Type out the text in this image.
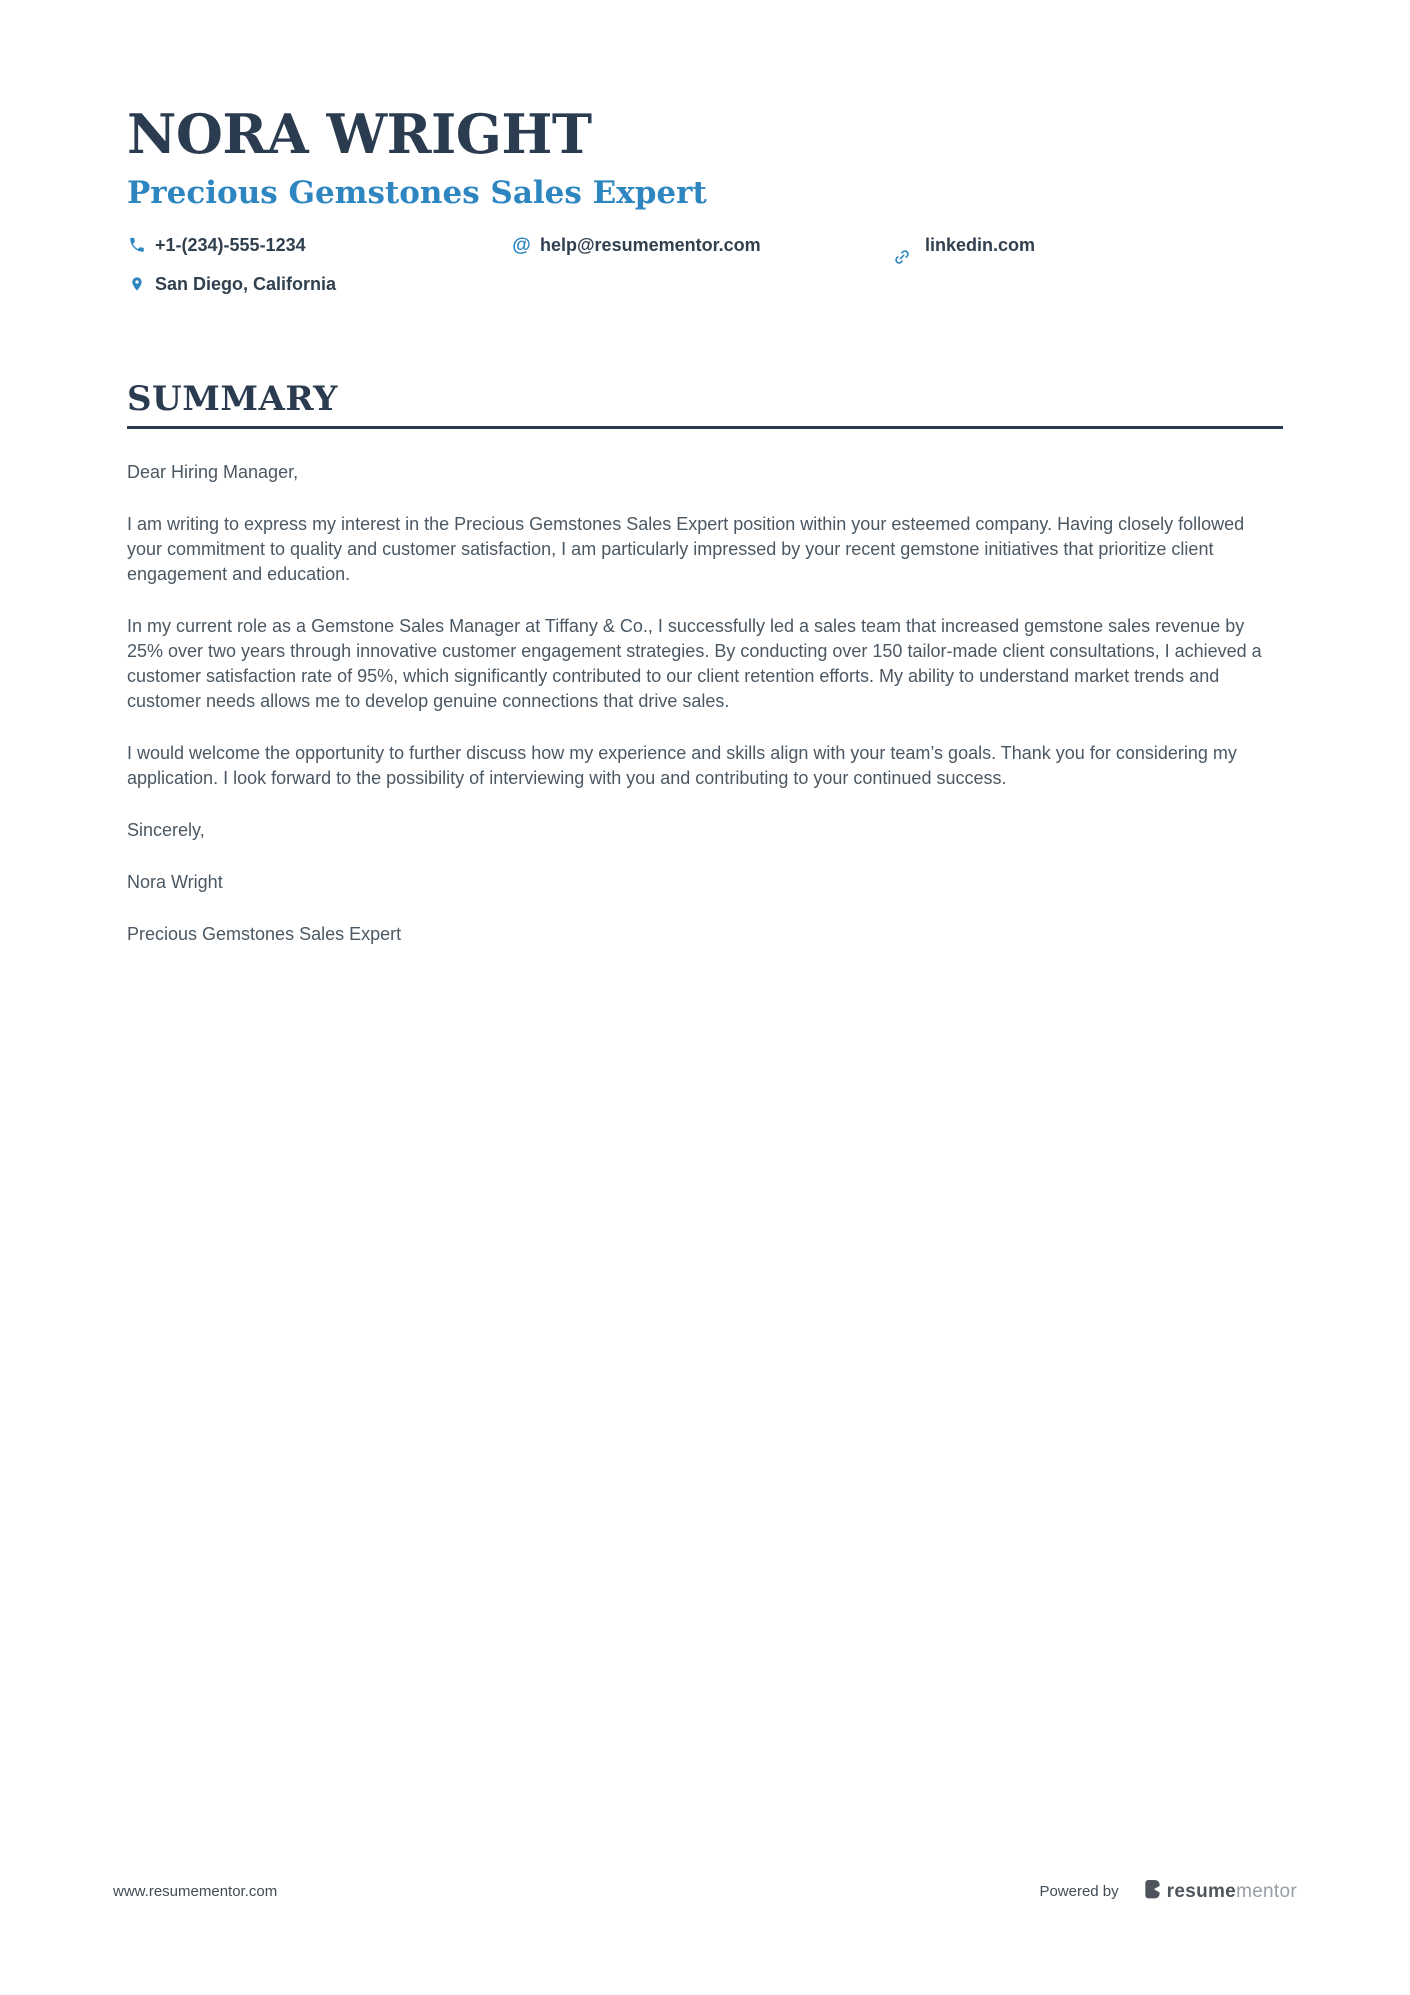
NORA WRIGHT
Precious Gemstones Sales Expert
+1-(234)-555-1234	@ help@resumementor.com	linkedin.com
San Diego, California
SUMMARY

Dear Hiring Manager,

I am writing to express my interest in the Precious Gemstones Sales Expert position within your esteemed company. Having closely followed your commitment to quality and customer satisfaction, I am particularly impressed by your recent gemstone initiatives that prioritize client engagement and education.

In my current role as a Gemstone Sales Manager at Tiffany & Co., I successfully led a sales team that increased gemstone sales revenue by 25% over two years through innovative customer engagement strategies. By conducting over 150 tailor-made client consultations, I achieved a customer satisfaction rate of 95%, which significantly contributed to our client retention efforts. My ability to understand market trends and customer needs allows me to develop genuine connections that drive sales.

I would welcome the opportunity to further discuss how my experience and skills align with your team’s goals. Thank you for considering my application. I look forward to the possibility of interviewing with you and contributing to your continued success.

Sincerely,

Nora Wright

Precious Gemstones Sales Expert

www.resumementor.com	Powered by	resumementor
